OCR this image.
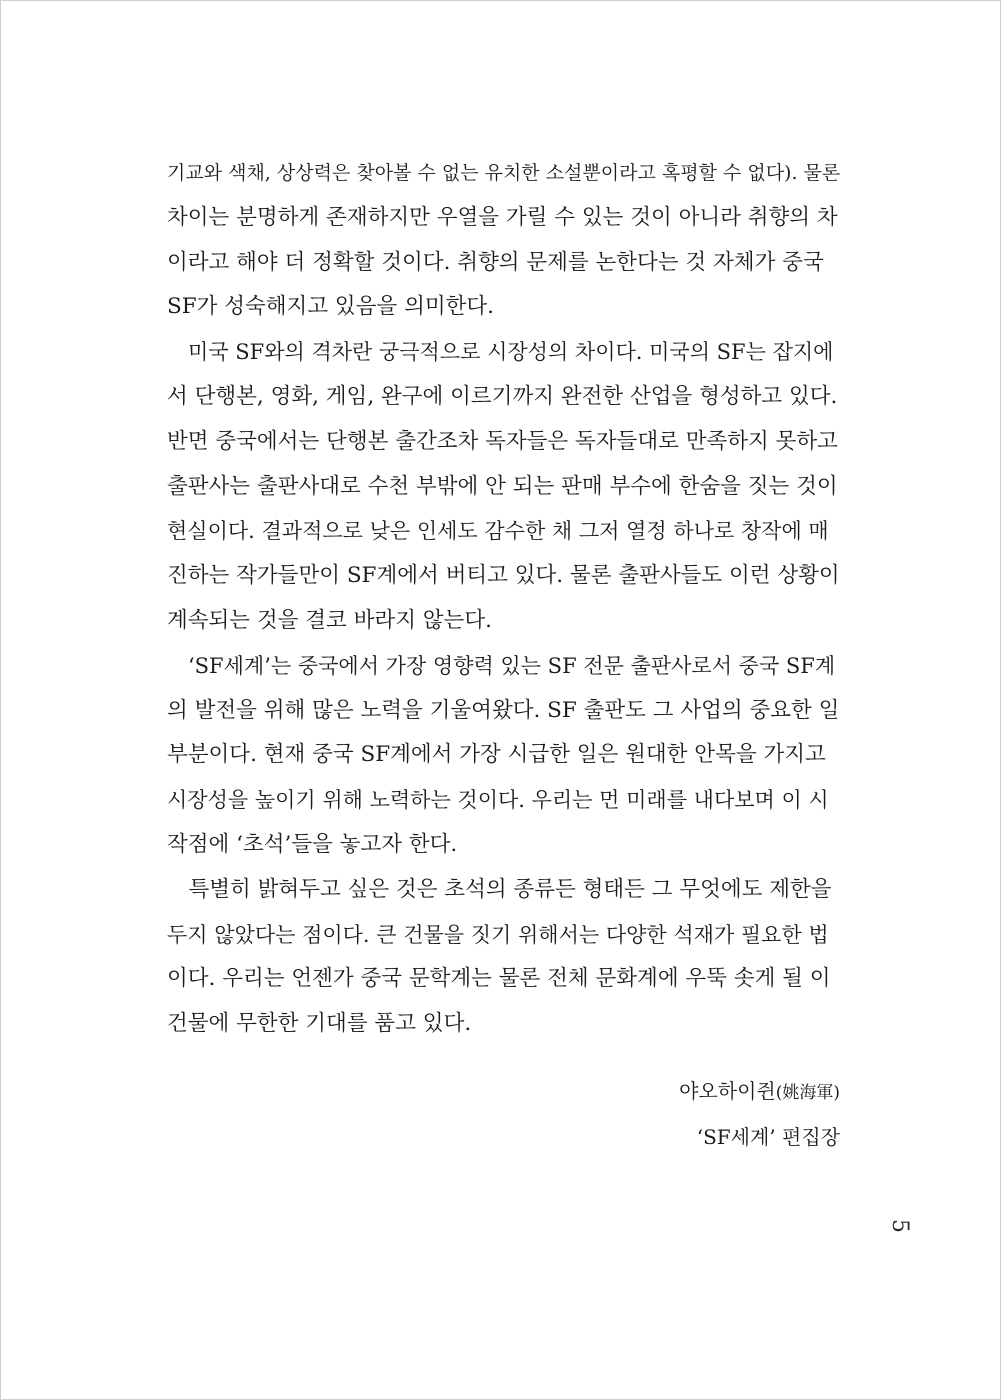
기교와 색채, 상상력은 찾아볼 수 없는 유치한 소설뿐이라고 혹평할 수 없다). 물론
차이는 분명하게 존재하지만 우열을 가릴 수 있는 것이 아니라 취향의 차
이라고 해야 더 정확할 것이다. 취향의 문제를 논한다는 것 자체가 중국
SF가 성숙해지고 있음을 의미한다.

　미국 SF와의 격차란 궁극적으로 시장성의 차이다. 미국의 SF는 잡지에
서 단행본, 영화, 게임, 완구에 이르기까지 완전한 산업을 형성하고 있다.
반면 중국에서는 단행본 출간조차 독자들은 독자들대로 만족하지 못하고
출판사는 출판사대로 수천 부밖에 안 되는 판매 부수에 한숨을 짓는 것이
현실이다. 결과적으로 낮은 인세도 감수한 채 그저 열정 하나로 창작에 매
진하는 작가들만이 SF계에서 버티고 있다. 물론 출판사들도 이런 상황이
계속되는 것을 결코 바라지 않는다.

　‘SF세계’는 중국에서 가장 영향력 있는 SF 전문 출판사로서 중국 SF계
의 발전을 위해 많은 노력을 기울여왔다. SF 출판도 그 사업의 중요한 일
부분이다. 현재 중국 SF계에서 가장 시급한 일은 원대한 안목을 가지고
시장성을 높이기 위해 노력하는 것이다. 우리는 먼 미래를 내다보며 이 시
작점에 ‘초석’들을 놓고자 한다.

　특별히 밝혀두고 싶은 것은 초석의 종류든 형태든 그 무엇에도 제한을
두지 않았다는 점이다. 큰 건물을 짓기 위해서는 다양한 석재가 필요한 법
이다. 우리는 언젠가 중국 문학계는 물론 전체 문화계에 우뚝 솟게 될 이
건물에 무한한 기대를 품고 있다.

야오하이쥔(姚海軍)
‘SF세계’ 편집장
5
